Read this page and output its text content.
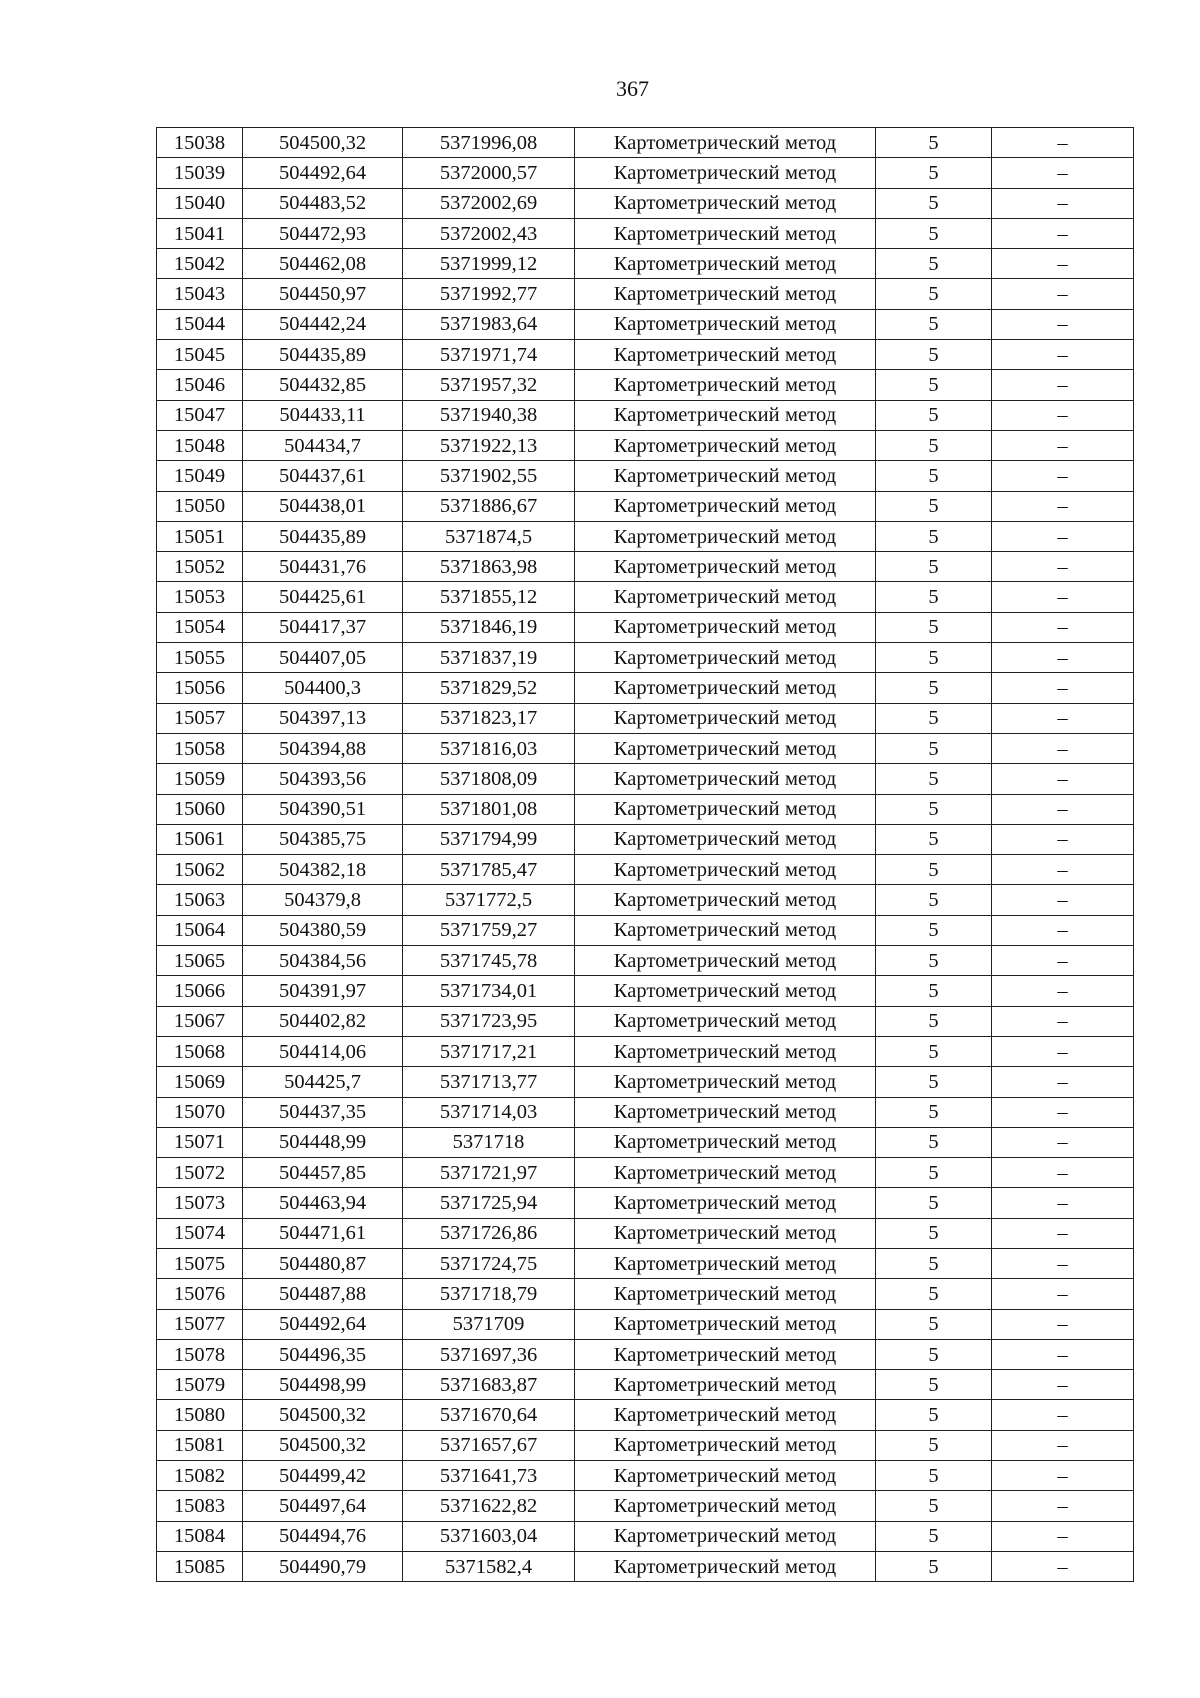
367
15038	504500,32	5371996,08	Картометрический метод	5	–
15039	504492,64	5372000,57	Картометрический метод	5	–
15040	504483,52	5372002,69	Картометрический метод	5	–
15041	504472,93	5372002,43	Картометрический метод	5	–
15042	504462,08	5371999,12	Картометрический метод	5	–
15043	504450,97	5371992,77	Картометрический метод	5	–
15044	504442,24	5371983,64	Картометрический метод	5	–
15045	504435,89	5371971,74	Картометрический метод	5	–
15046	504432,85	5371957,32	Картометрический метод	5	–
15047	504433,11	5371940,38	Картометрический метод	5	–
15048	504434,7	5371922,13	Картометрический метод	5	–
15049	504437,61	5371902,55	Картометрический метод	5	–
15050	504438,01	5371886,67	Картометрический метод	5	–
15051	504435,89	5371874,5	Картометрический метод	5	–
15052	504431,76	5371863,98	Картометрический метод	5	–
15053	504425,61	5371855,12	Картометрический метод	5	–
15054	504417,37	5371846,19	Картометрический метод	5	–
15055	504407,05	5371837,19	Картометрический метод	5	–
15056	504400,3	5371829,52	Картометрический метод	5	–
15057	504397,13	5371823,17	Картометрический метод	5	–
15058	504394,88	5371816,03	Картометрический метод	5	–
15059	504393,56	5371808,09	Картометрический метод	5	–
15060	504390,51	5371801,08	Картометрический метод	5	–
15061	504385,75	5371794,99	Картометрический метод	5	–
15062	504382,18	5371785,47	Картометрический метод	5	–
15063	504379,8	5371772,5	Картометрический метод	5	–
15064	504380,59	5371759,27	Картометрический метод	5	–
15065	504384,56	5371745,78	Картометрический метод	5	–
15066	504391,97	5371734,01	Картометрический метод	5	–
15067	504402,82	5371723,95	Картометрический метод	5	–
15068	504414,06	5371717,21	Картометрический метод	5	–
15069	504425,7	5371713,77	Картометрический метод	5	–
15070	504437,35	5371714,03	Картометрический метод	5	–
15071	504448,99	5371718	Картометрический метод	5	–
15072	504457,85	5371721,97	Картометрический метод	5	–
15073	504463,94	5371725,94	Картометрический метод	5	–
15074	504471,61	5371726,86	Картометрический метод	5	–
15075	504480,87	5371724,75	Картометрический метод	5	–
15076	504487,88	5371718,79	Картометрический метод	5	–
15077	504492,64	5371709	Картометрический метод	5	–
15078	504496,35	5371697,36	Картометрический метод	5	–
15079	504498,99	5371683,87	Картометрический метод	5	–
15080	504500,32	5371670,64	Картометрический метод	5	–
15081	504500,32	5371657,67	Картометрический метод	5	–
15082	504499,42	5371641,73	Картометрический метод	5	–
15083	504497,64	5371622,82	Картометрический метод	5	–
15084	504494,76	5371603,04	Картометрический метод	5	–
15085	504490,79	5371582,4	Картометрический метод	5	–
